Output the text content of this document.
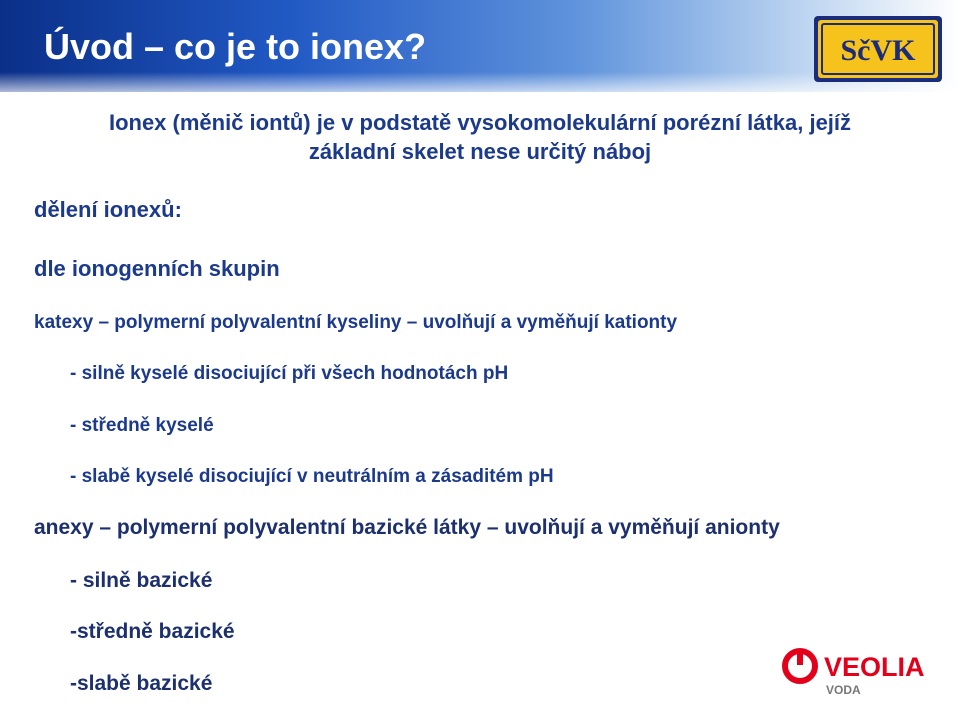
Úvod – co je to ionex?	SčVK
Ionex (měnič iontů) je v podstatě vysokomolekulární porézní látka, jejíž
základní skelet nese určitý náboj
dělení ionexů:
dle ionogenních skupin
katexy – polymerní polyvalentní kyseliny – uvolňují a vyměňují kationty
- silně kyselé disociující při všech hodnotách pH
- středně kyselé
- slabě kyselé disociující v neutrálním a zásaditém pH
anexy – polymerní polyvalentní bazické látky – uvolňují a vyměňují anionty
- silně bazické
-středně bazické
-slabě bazické
VEOLIA
VODA
